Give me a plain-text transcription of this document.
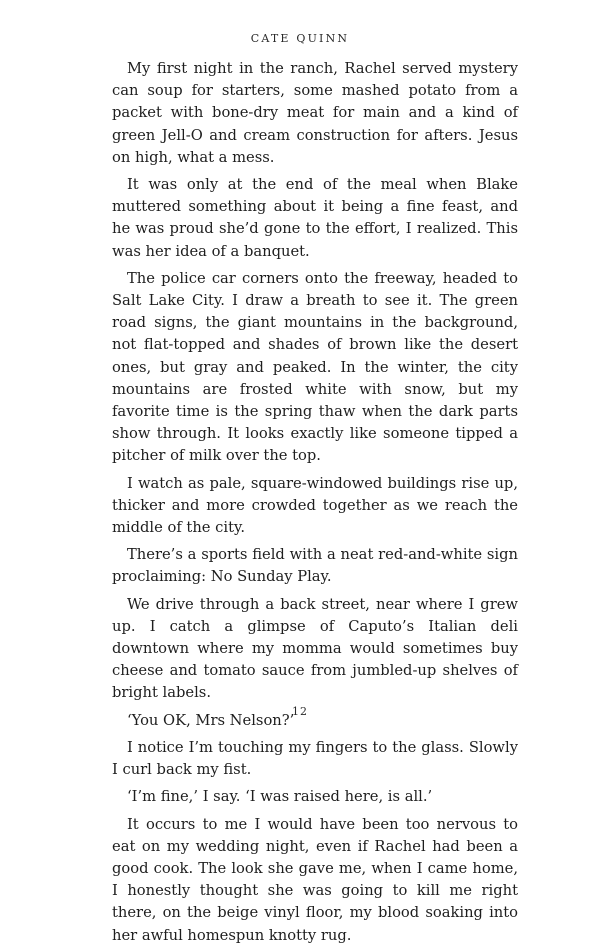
CATE QUINN

My first night in the ranch, Rachel served mystery can soup for starters, some mashed potato from a packet with bone-dry meat for main and a kind of green Jell-O and cream construction for afters. Jesus on high, what a mess.

It was only at the end of the meal when Blake muttered something about it being a fine feast, and he was proud she’d gone to the effort, I realized. This was her idea of a banquet.

The police car corners onto the freeway, headed to Salt Lake City. I draw a breath to see it. The green road signs, the giant mountains in the background, not flat-topped and shades of brown like the desert ones, but gray and peaked. In the winter, the city mountains are frosted white with snow, but my favorite time is the spring thaw when the dark parts show through. It looks exactly like someone tipped a pitcher of milk over the top.

I watch as pale, square-windowed buildings rise up, thicker and more crowded together as we reach the middle of the city.

There’s a sports field with a neat red-and-white sign proclaiming: No Sunday Play.

We drive through a back street, near where I grew up. I catch a glimpse of Caputo’s Italian deli downtown where my momma would sometimes buy cheese and tomato sauce from jumbled-up shelves of bright labels.

‘You OK, Mrs Nelson?’

I notice I’m touching my fingers to the glass. Slowly I curl back my fist.

‘I’m fine,’ I say. ‘I was raised here, is all.’

It occurs to me I would have been too nervous to eat on my wedding night, even if Rachel had been a good cook. The look she gave me, when I came home, I honestly thought she was going to kill me right there, on the beige vinyl floor, my blood soaking into her awful homespun knotty rug.

12
